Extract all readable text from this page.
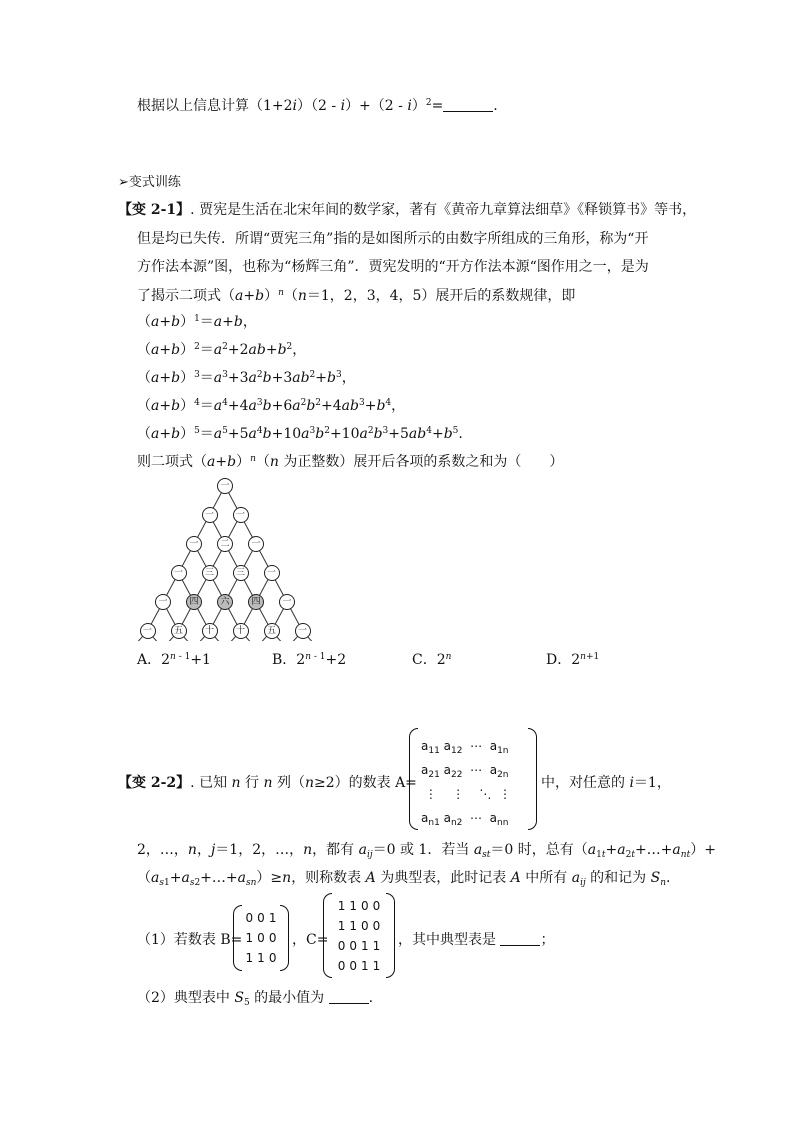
根据以上信息计算（1+2i）（2 - i）+（2 - i）$^2$=	.
➢变式训练
【变 2-1】. 贾宪是生活在北宋年间的数学家，著有《黄帝九章算法细草》《释锁算书》等书，
但是均已失传．所谓“贾宪三角”指的是如图所示的由数字所组成的三角形，称为“开
方作法本源”图，也称为“杨辉三角”．贾宪发明的“开方作法本源“图作用之一，是为
了揭示二项式$(a+b)^n(n=1$，2，3，4，5）展开后的系数规律，即
$(a+b)^1=a+b$，
$(a+b)^2=a^2+2ab+b^2$，
$(a+b)^3=a^3+3a^2b+3ab^2+b^3$，
$(a+b)^4=a^4+4a^3b+6a^2b^2+4ab^3+b^4$，
$(a+b)^5=a^5+5a^4b+10a^3b^2+10a^2b^3+5ab^4+b^5$.
则二项式$(a+b)^n(n$ 为正整数）展开后各项的系数之和为（　　）
一
一	一
一	二	一
一	三	三	一
一	四	六	四	一
一	五	十	十	五	一
A．$2^{n - 1}+1$	B．$2^{n - 1}+2$	C．2$^n$	D．$2^{n+1}$
【变 2-2】. 已知 n 行 n 列（n≥2）的数表 A=
$a_{11}$ $a_{12}$  ⋯  $a_{1n}$
$a_{21}$ $a_{22}$  ⋯  $a_{2n}$
⋮    ⋮    ⋱  ⋮
$a_{n1}$ $a_{n2}$  ⋯  $a_{nn}$
中，对任意的 i＝1，
2，…，n，j＝1，2，…，n，都有 $a_{ij}=0$ 或 1．若当 $a_{st}=0$ 时，总有$(a_{1t}+a_{2t}+\dots+a_{nt})+$
$(a_{s1}+a_{s2}+\dots+a_{sn})\ge n$，则称数表 A 为典型表，此时记表 A 中所有 $a_{ij}$ 的和记为 $S_n$.
（1）若数表 B=
0	0	1
1	0	0
1	1	0
，C=
1	1	0	0
1	1	0	0
0	0	1	1
0	0	1	1
，其中典型表是	；
（2）典型表中 $S_5$ 的最小值为	.
